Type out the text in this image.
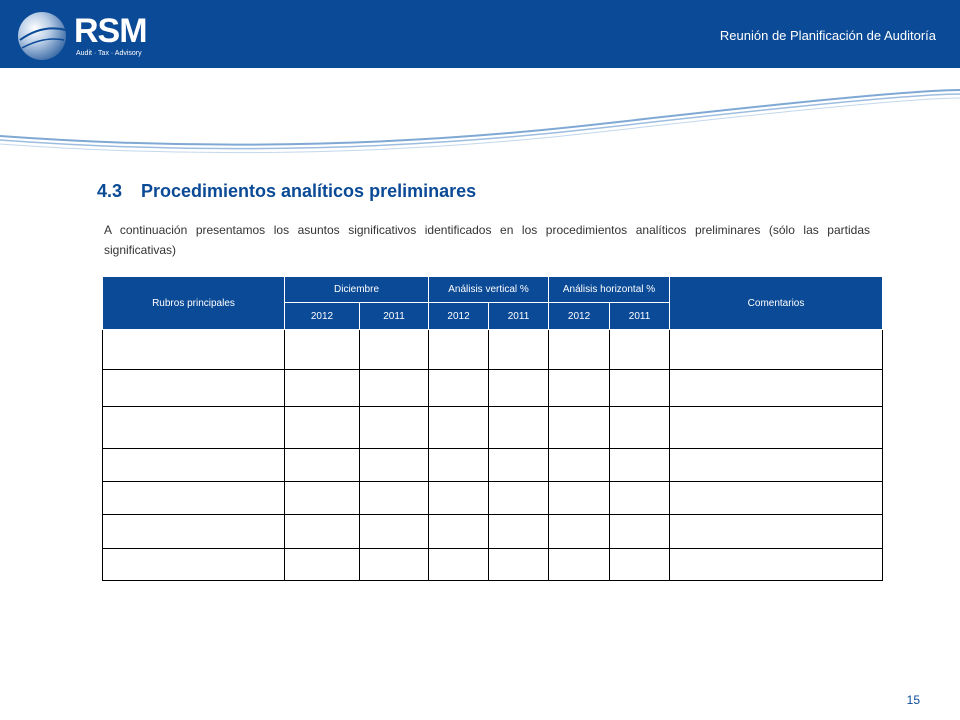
RSM
Audit · Tax · Advisory
Reunión de Planificación de Auditoría
4.3 Procedimientos analíticos preliminares
A continuación presentamos los asuntos significativos identificados en los procedimientos analíticos preliminares (sólo las partidas significativas)
Rubros principales	Diciembre		Análisis vertical %		Análisis horizontal %		Comentarios
	2012	2011	2012	2011	2012	2011	

15
